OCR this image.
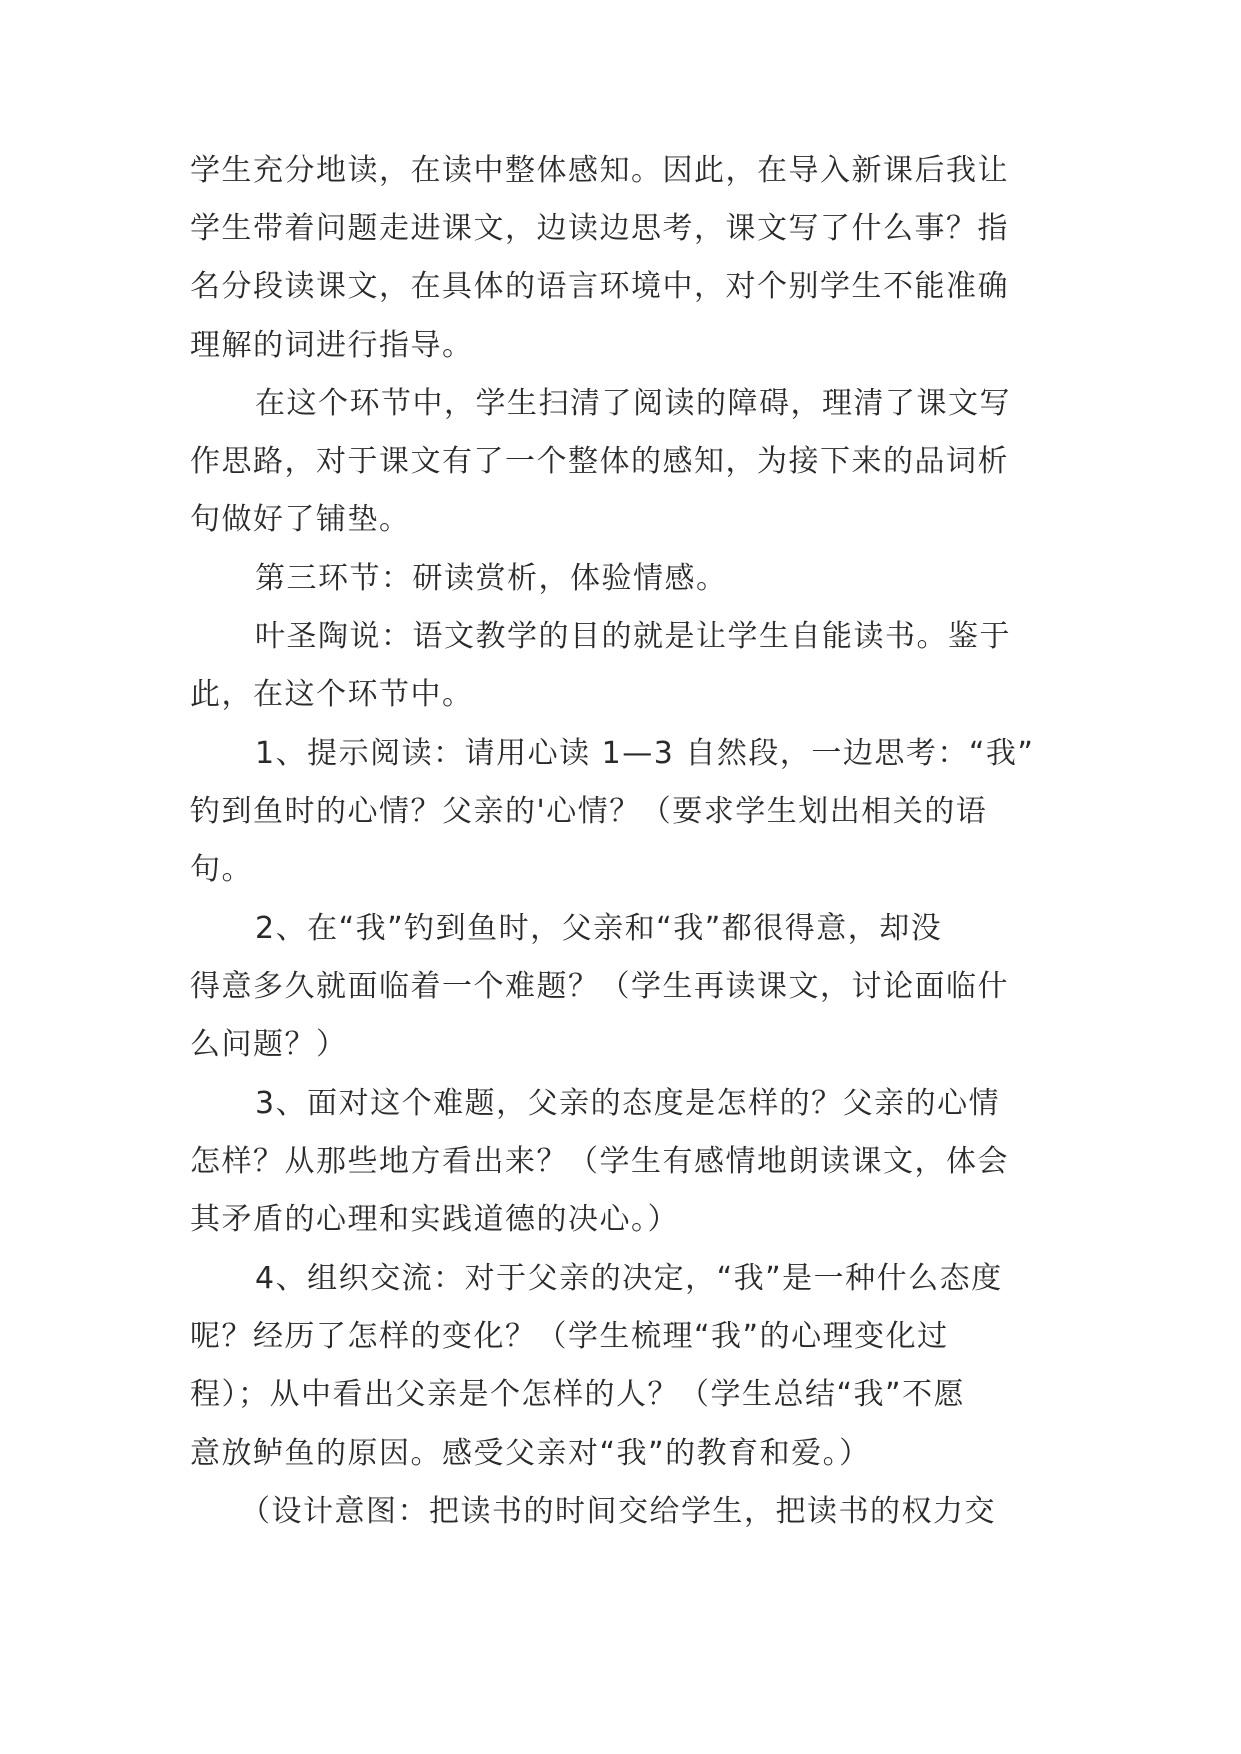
学生充分地读，在读中整体感知。因此，在导入新课后我让
学生带着问题走进课文，边读边思考，课文写了什么事？指
名分段读课文，在具体的语言环境中，对个别学生不能准确
理解的词进行指导。
在这个环节中，学生扫清了阅读的障碍，理清了课文写
作思路，对于课文有了一个整体的感知，为接下来的品词析
句做好了铺垫。
第三环节：研读赏析，体验情感。
叶圣陶说：语文教学的目的就是让学生自能读书。鉴于
此，在这个环节中。
1、提示阅读：请用心读 1—3 自然段，一边思考：“我”
钓到鱼时的心情？父亲的'心情？（要求学生划出相关的语
句。
2、在“我”钓到鱼时，父亲和“我”都很得意，却没
得意多久就面临着一个难题？（学生再读课文，讨论面临什
么问题？）
3、面对这个难题，父亲的态度是怎样的？父亲的心情
怎样？从那些地方看出来？（学生有感情地朗读课文，体会
其矛盾的心理和实践道德的决心。）
4、组织交流：对于父亲的决定，“我”是一种什么态度
呢？经历了怎样的变化？（学生梳理“我”的心理变化过
程）；从中看出父亲是个怎样的人？（学生总结“我”不愿
意放鲈鱼的原因。感受父亲对“我”的教育和爱。）
（设计意图：把读书的时间交给学生，把读书的权力交
